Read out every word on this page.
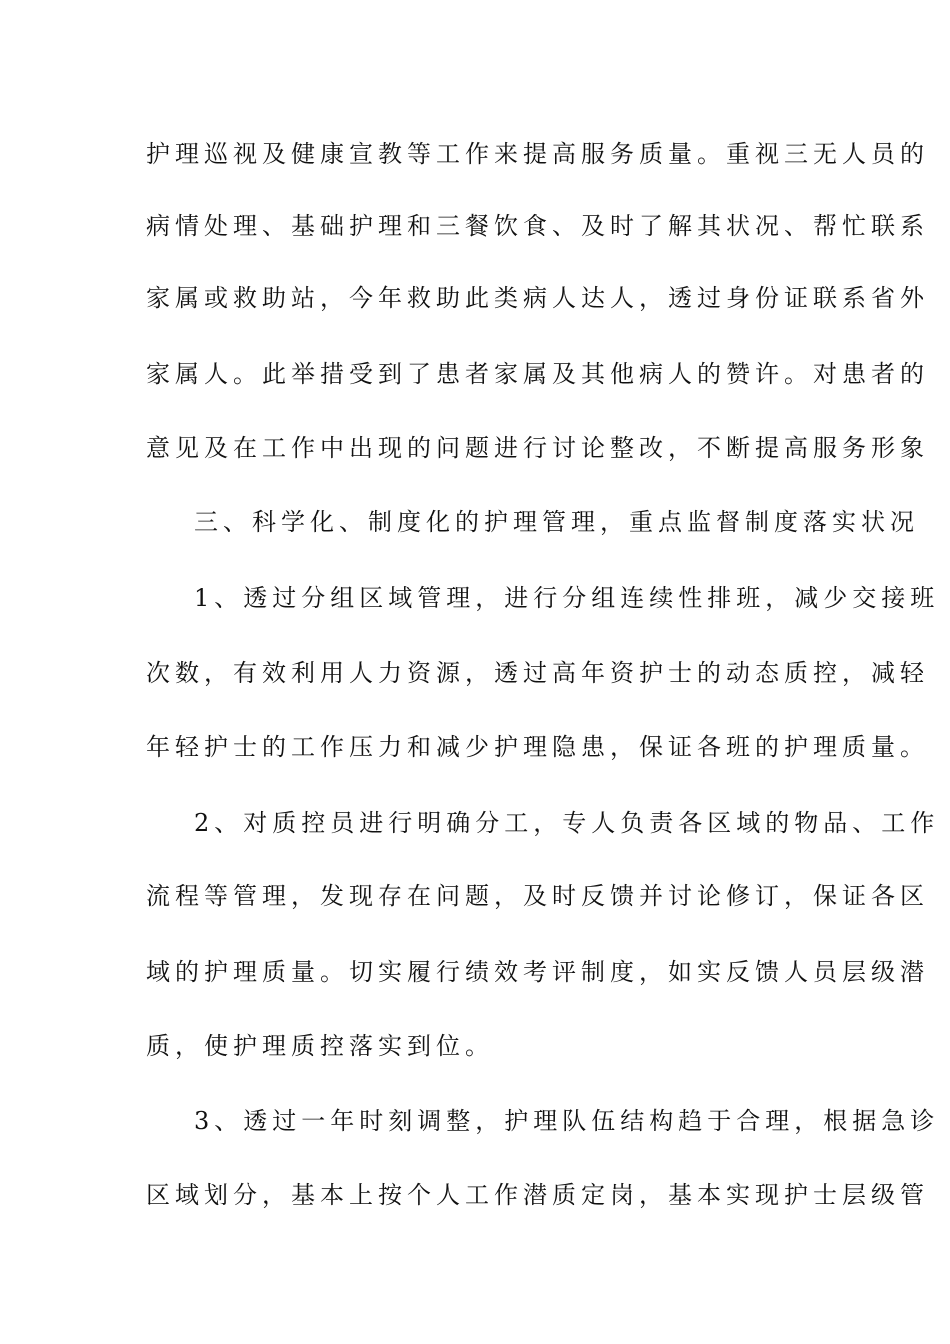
护理巡视及健康宣教等工作来提高服务质量。重视三无人员的
病情处理、基础护理和三餐饮食、及时了解其状况、帮忙联系
家属或救助站，今年救助此类病人达人，透过身份证联系省外
家属人。此举措受到了患者家属及其他病人的赞许。对患者的
意见及在工作中出现的问题进行讨论整改，不断提高服务形象
三、科学化、制度化的护理管理，重点监督制度落实状况
1、透过分组区域管理，进行分组连续性排班，减少交接班
次数，有效利用人力资源，透过高年资护士的动态质控，减轻
年轻护士的工作压力和减少护理隐患，保证各班的护理质量。
2、对质控员进行明确分工，专人负责各区域的物品、工作
流程等管理，发现存在问题，及时反馈并讨论修订，保证各区
域的护理质量。切实履行绩效考评制度，如实反馈人员层级潜
质，使护理质控落实到位。
3、透过一年时刻调整，护理队伍结构趋于合理，根据急诊
区域划分，基本上按个人工作潜质定岗，基本实现护士层级管
